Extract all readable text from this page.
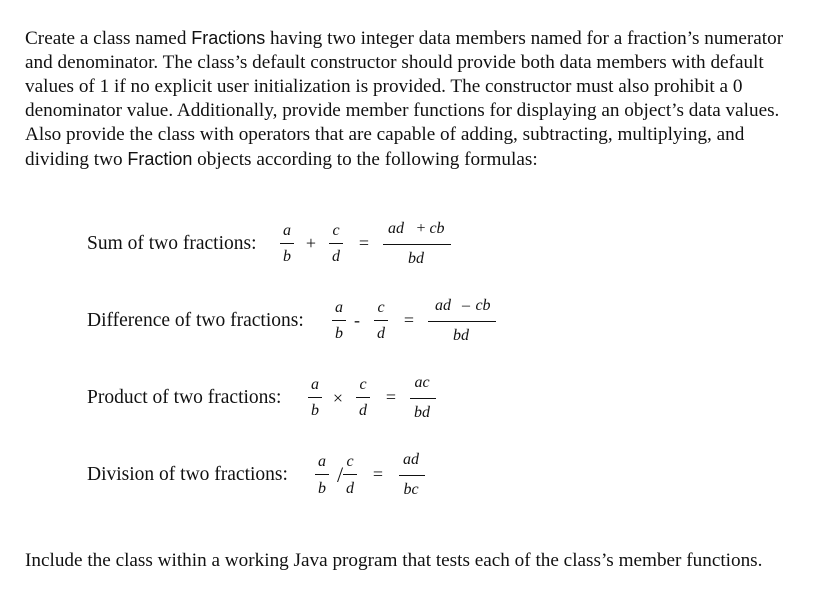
Create a class named Fractions having two integer data members named for a fraction’s numerator and denominator. The class’s default constructor should provide both data members with default values of 1 if no explicit user initialization is provided. The constructor must also prohibit a 0 denominator value. Additionally, provide member functions for displaying an object’s data values. Also provide the class with operators that are capable of adding, subtracting, multiplying, and dividing two Fraction objects according to the following formulas:

Sum of two fractions:
a
b
+
c
d
=
ad + cb
bd
Difference of two fractions:
a
b
-
c
d
=
ad – cb
bd
Product of two fractions:
a
b
×
c
d
=
ac
bd
Division of two fractions:
a
b
/
c
d
=
ad
bc

Include the class within a working Java program that tests each of the class’s member functions.
